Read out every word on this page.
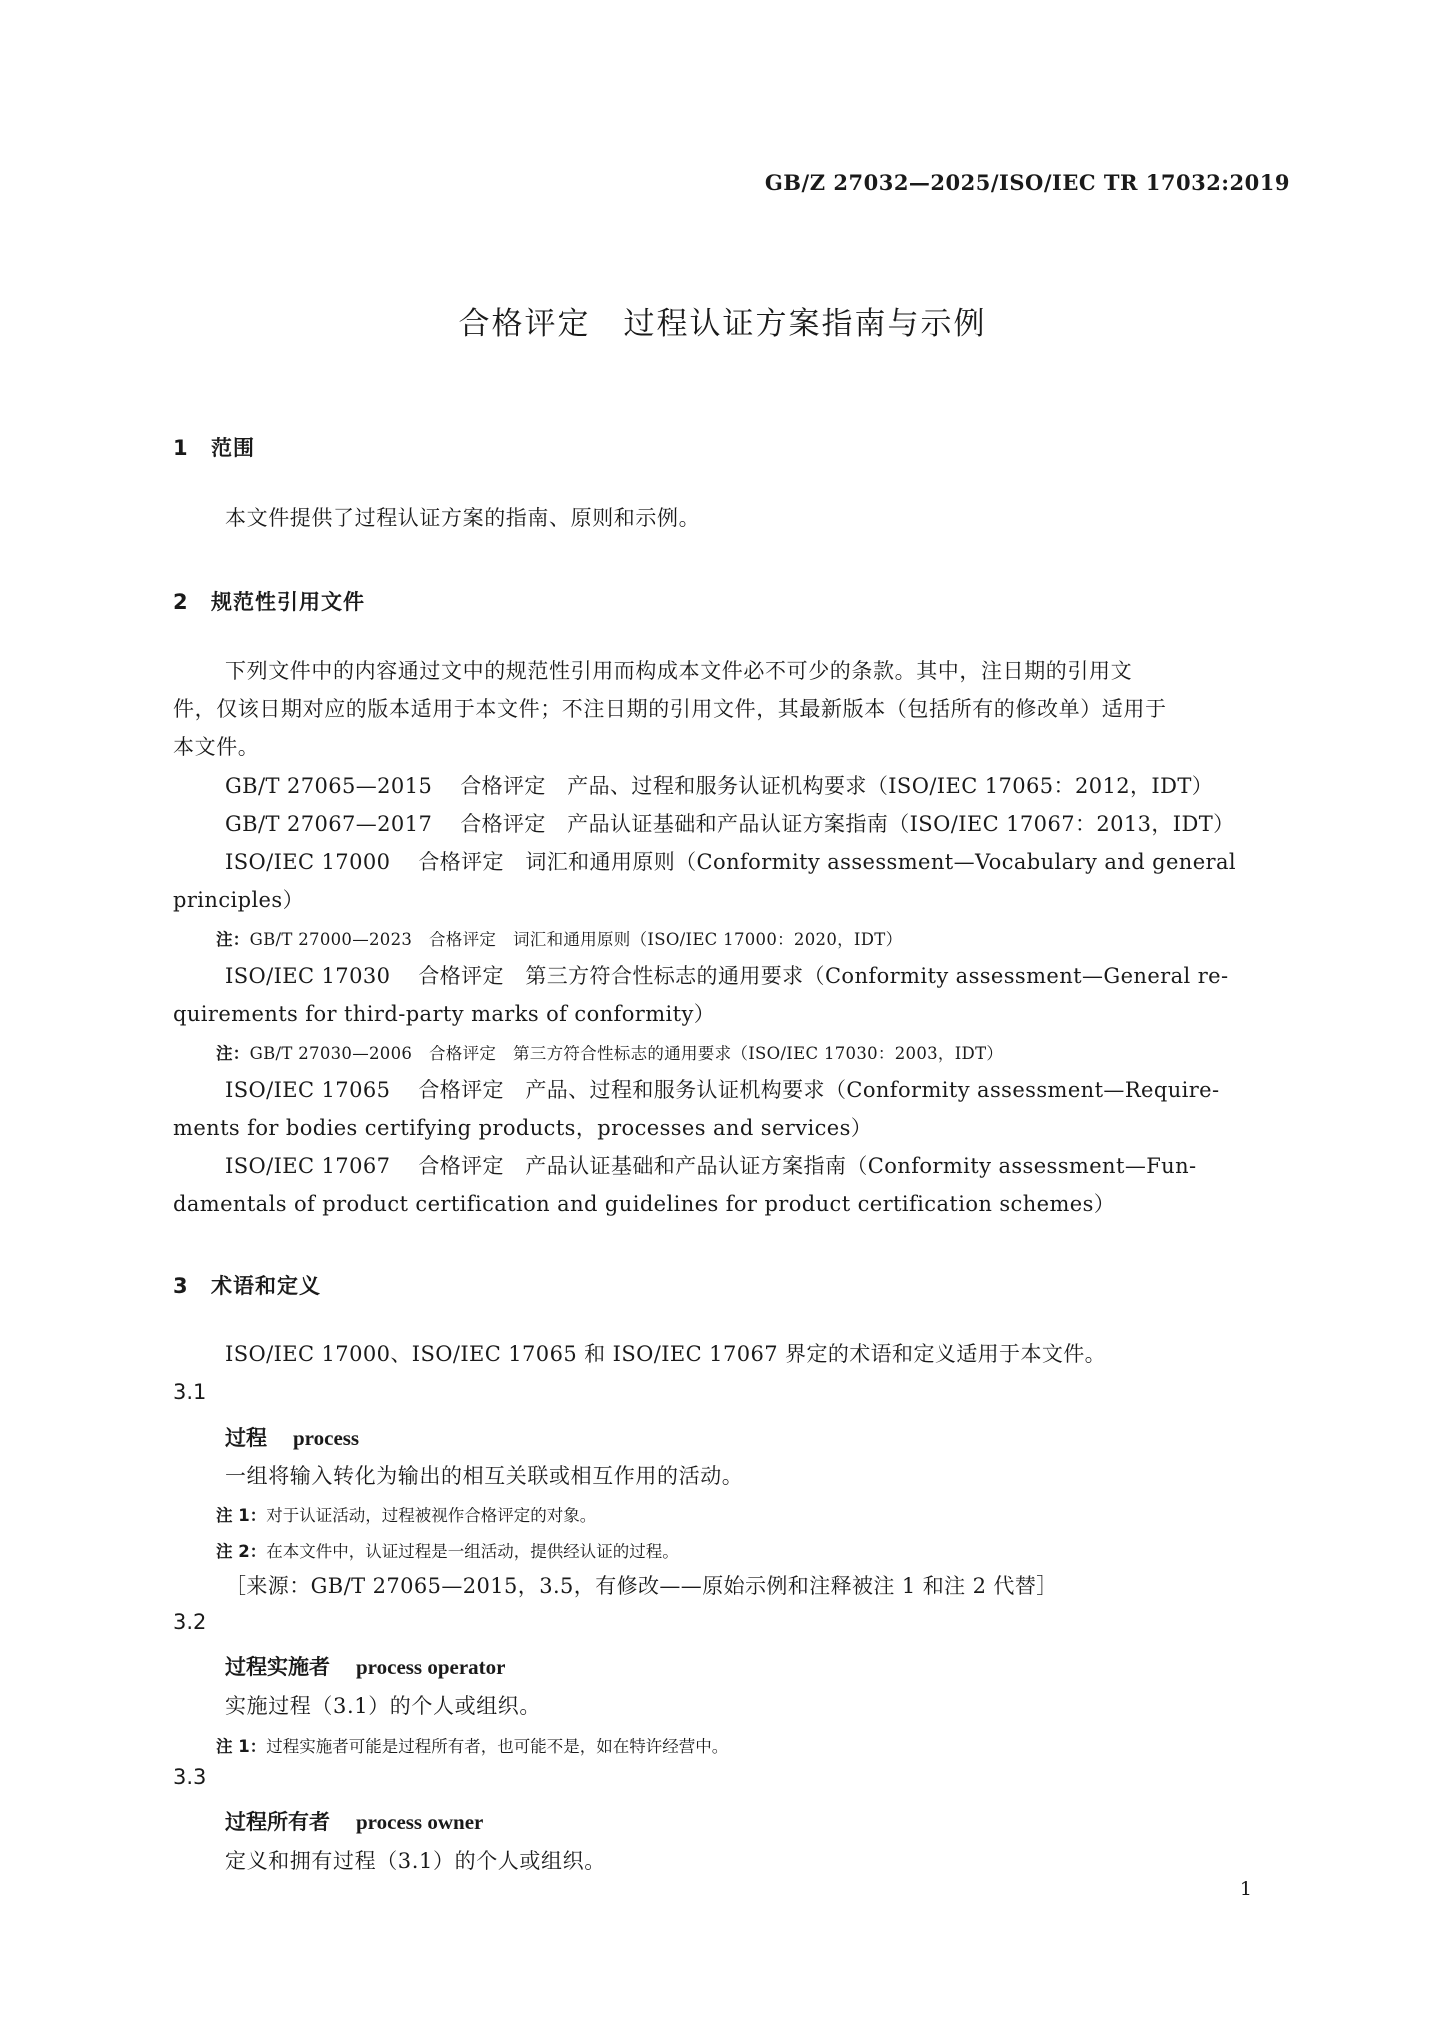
GB/Z 27032—2025/ISO/IEC TR 17032:2019
合格评定　过程认证方案指南与示例
1 范围
本文件提供了过程认证方案的指南、原则和示例。
2 规范性引用文件
下列文件中的内容通过文中的规范性引用而构成本文件必不可少的条款。其中，注日期的引用文
件，仅该日期对应的版本适用于本文件；不注日期的引用文件，其最新版本（包括所有的修改单）适用于
本文件。
GB/T 27065—2015 合格评定　产品、过程和服务认证机构要求（ISO/IEC 17065：2012，IDT）
GB/T 27067—2017 合格评定　产品认证基础和产品认证方案指南（ISO/IEC 17067：2013，IDT）
ISO/IEC 17000 合格评定　词汇和通用原则（Conformity assessment—Vocabulary and general
principles）
注：GB/T 27000—2023　合格评定　词汇和通用原则（ISO/IEC 17000：2020，IDT）
ISO/IEC 17030 合格评定　第三方符合性标志的通用要求（Conformity assessment—General re-
quirements for third-party marks of conformity）
注：GB/T 27030—2006　合格评定　第三方符合性标志的通用要求（ISO/IEC 17030：2003，IDT）
ISO/IEC 17065 合格评定　产品、过程和服务认证机构要求（Conformity assessment—Require-
ments for bodies certifying products，processes and services）
ISO/IEC 17067 合格评定　产品认证基础和产品认证方案指南（Conformity assessment—Fun-
damentals of product certification and guidelines for product certification schemes）
3 术语和定义
ISO/IEC 17000、ISO/IEC 17065 和 ISO/IEC 17067 界定的术语和定义适用于本文件。
3.1
过程 process
一组将输入转化为输出的相互关联或相互作用的活动。
注 1：对于认证活动，过程被视作合格评定的对象。
注 2：在本文件中，认证过程是一组活动，提供经认证的过程。
［来源：GB/T 27065—2015，3.5，有修改——原始示例和注释被注 1 和注 2 代替］
3.2
过程实施者 process operator
实施过程（3.1）的个人或组织。
注 1：过程实施者可能是过程所有者，也可能不是，如在特许经营中。
3.3
过程所有者 process owner
定义和拥有过程（3.1）的个人或组织。
1
